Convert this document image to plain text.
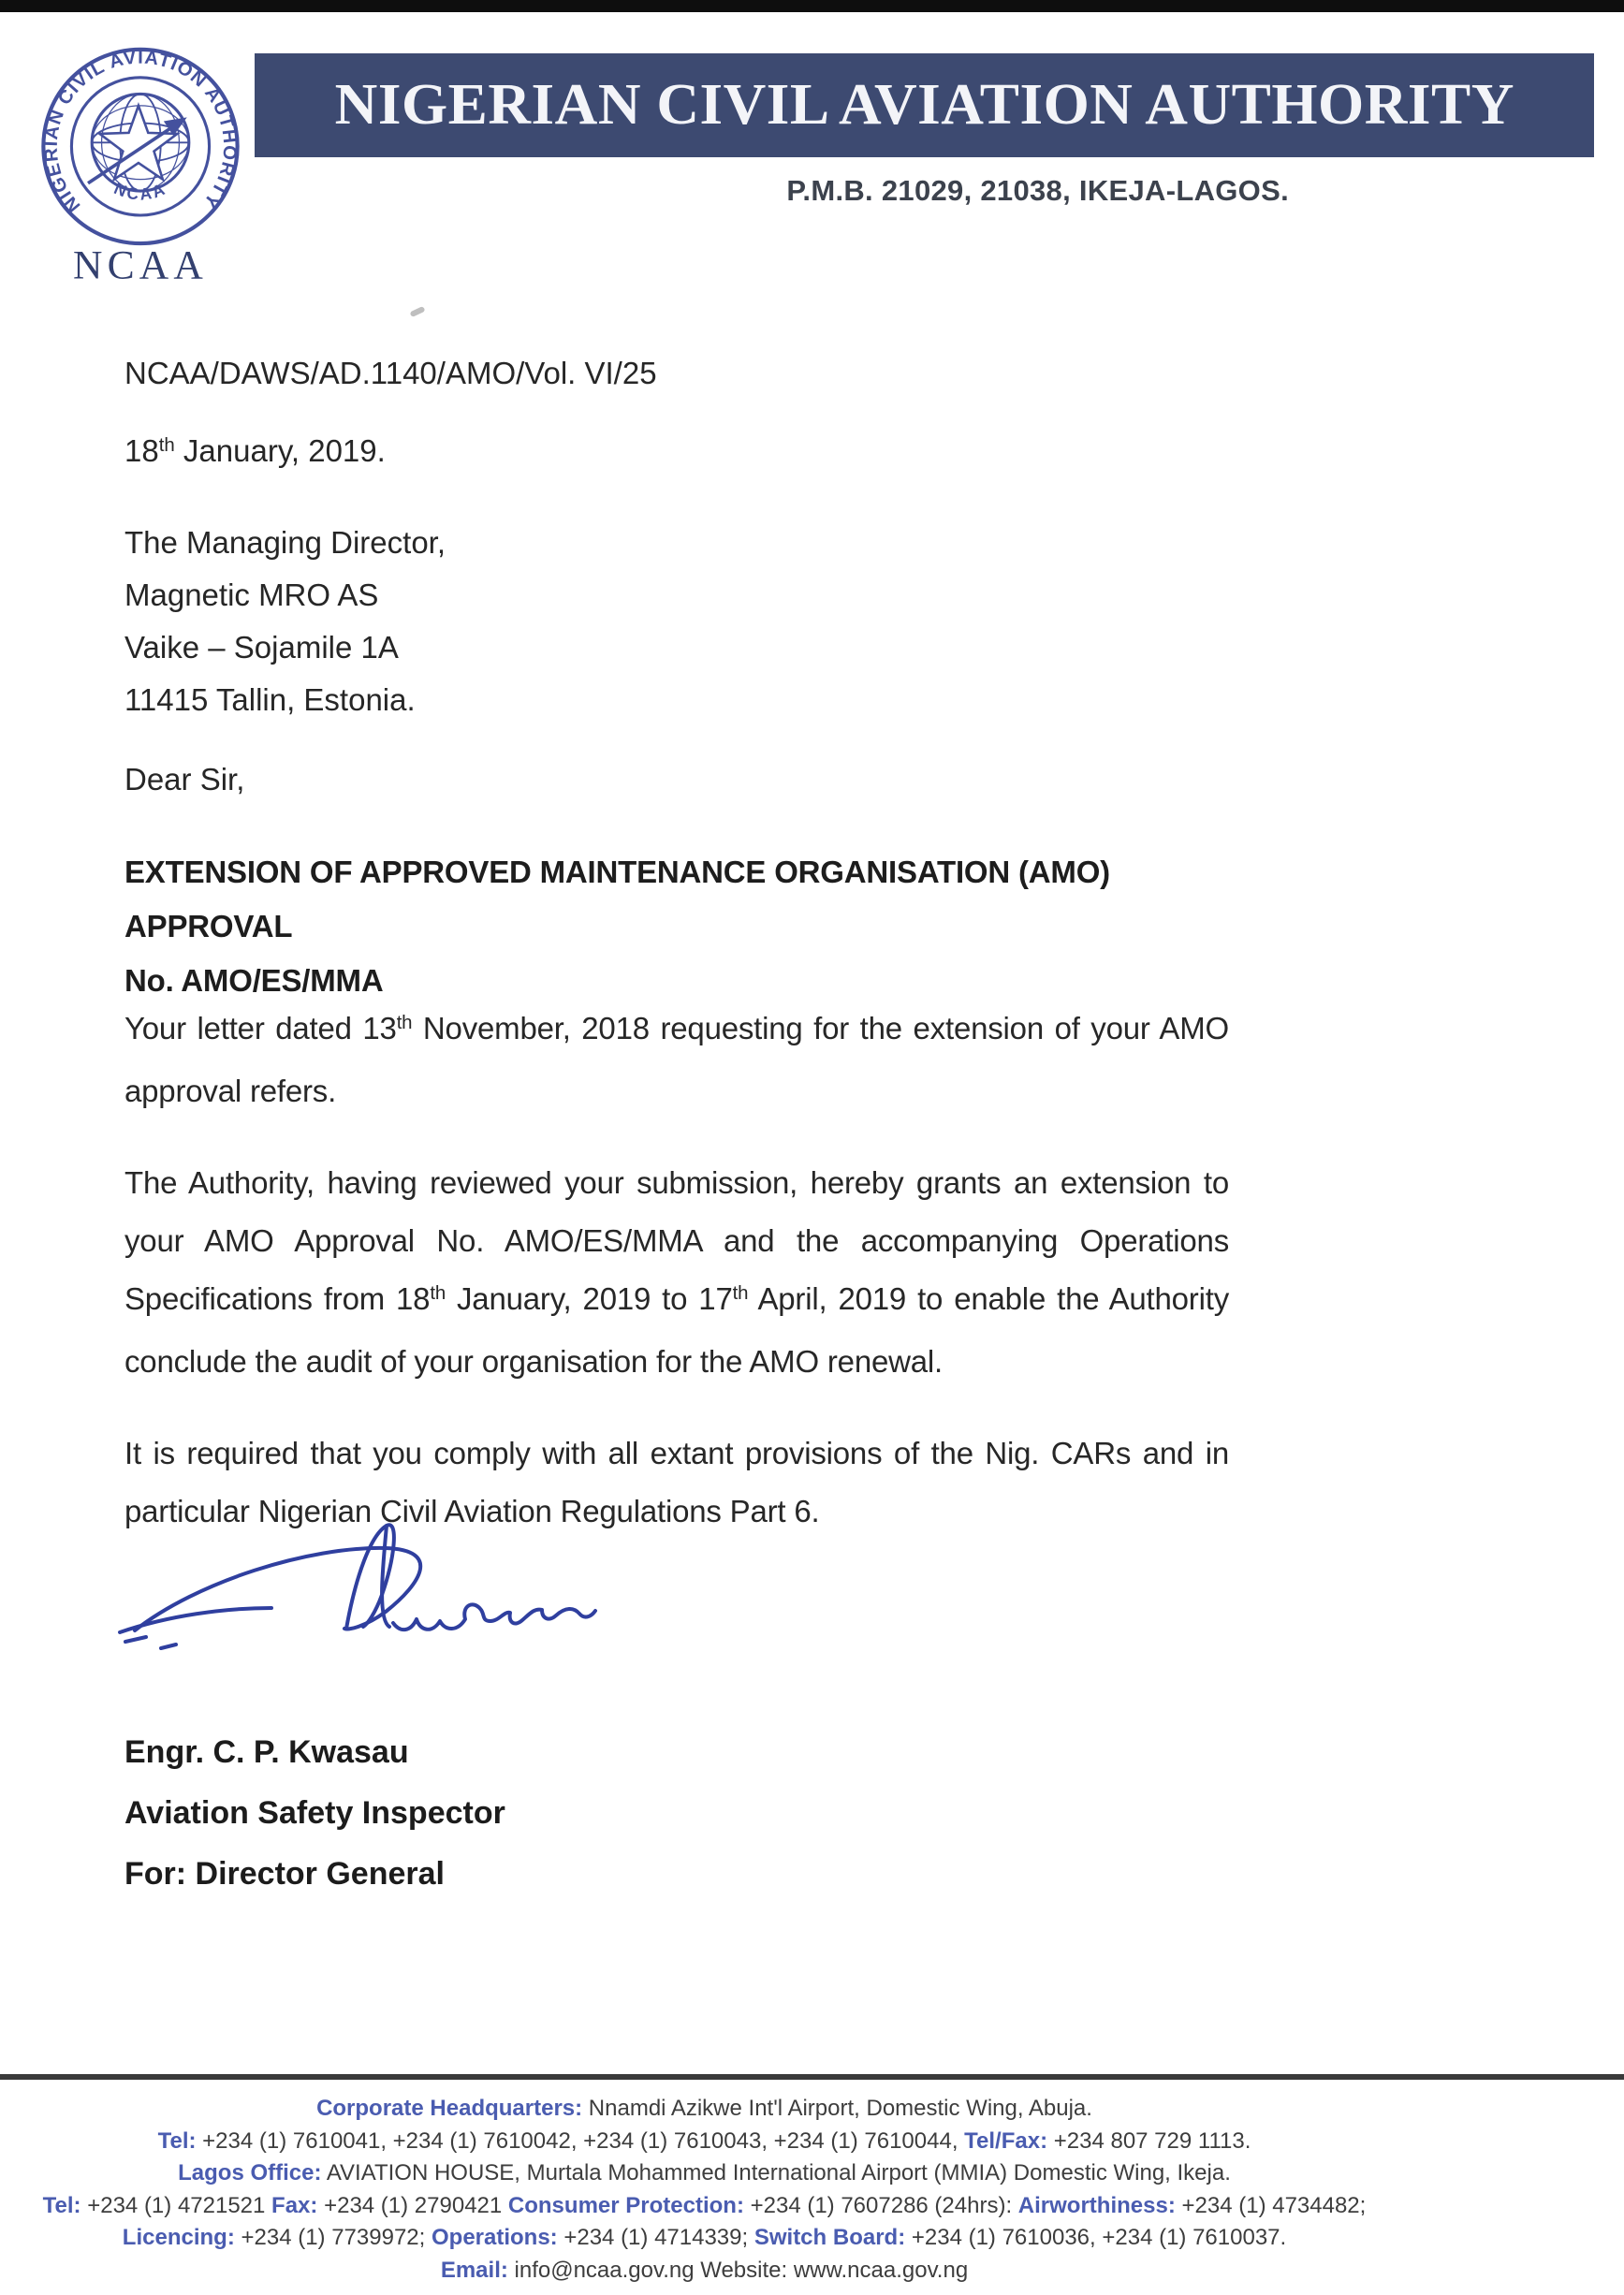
NIGERIAN CIVIL AVIATION AUTHORITY
NCAA
NCAA
NIGERIAN CIVIL AVIATION AUTHORITY
P.M.B. 21029, 21038, IKEJA-LAGOS.
NCAA/DAWS/AD.1140/AMO/Vol. VI/25
18th January, 2019.
The Managing Director,
Magnetic MRO AS
Vaike – Sojamile 1A
11415 Tallin, Estonia.
Dear Sir,
EXTENSION OF APPROVED MAINTENANCE ORGANISATION (AMO) APPROVAL
No. AMO/ES/MMA

Your letter dated 13th November, 2018 requesting for the extension of your AMO approval refers.

The Authority, having reviewed your submission, hereby grants an extension to your AMO Approval No. AMO/ES/MMA and the accompanying Operations Specifications from 18th January, 2019 to 17th April, 2019 to enable the Authority conclude the audit of your organisation for the AMO renewal.

It is required that you comply with all extant provisions of the Nig. CARs and in particular Nigerian Civil Aviation Regulations Part 6.

Engr. C. P. Kwasau
Aviation Safety Inspector
For: Director General
Corporate Headquarters: Nnamdi Azikwe Int'l Airport, Domestic Wing, Abuja.
Tel: +234 (1) 7610041, +234 (1) 7610042, +234 (1) 7610043, +234 (1) 7610044, Tel/Fax: +234 807 729 1113.
Lagos Office: AVIATION HOUSE, Murtala Mohammed International Airport (MMIA) Domestic Wing, Ikeja.
Tel: +234 (1) 4721521 Fax: +234 (1) 2790421 Consumer Protection: +234 (1) 7607286 (24hrs): Airworthiness: +234 (1) 4734482;
Licencing: +234 (1) 7739972; Operations: +234 (1) 4714339; Switch Board: +234 (1) 7610036, +234 (1) 7610037.
Email: info@ncaa.gov.ng Website: www.ncaa.gov.ng
